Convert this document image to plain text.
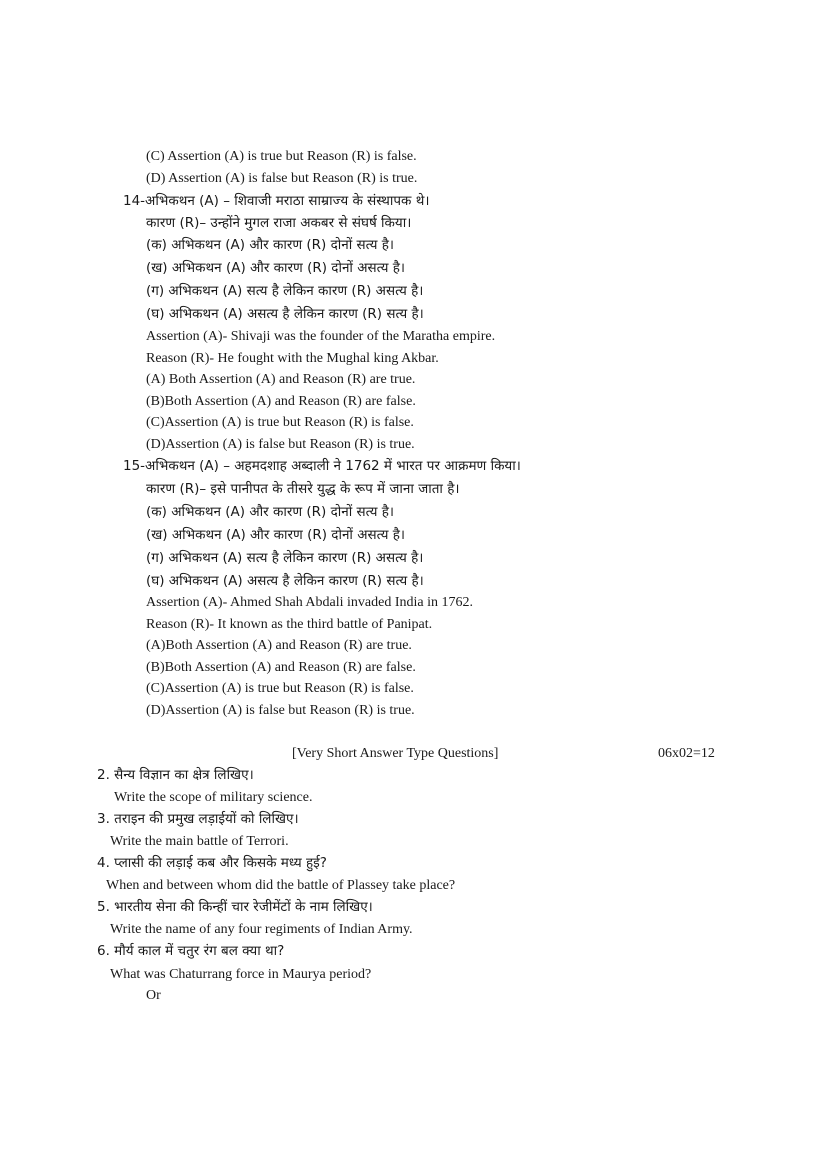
(C) Assertion (A) is true but Reason (R) is false.
(D) Assertion (A) is false but Reason (R) is true.
14-अभिकथन (A) – शिवाजी मराठा साम्राज्य के संस्थापक थे।
कारण (R)– उन्होंने मुगल राजा अकबर से संघर्ष किया।
(क) अभिकथन (A) और कारण (R) दोनों सत्य है।
(ख) अभिकथन (A) और कारण (R) दोनों असत्य है।
(ग) अभिकथन (A) सत्य है लेकिन कारण (R) असत्य है।
(घ) अभिकथन (A) असत्य है लेकिन कारण (R) सत्य है।
Assertion (A)- Shivaji was the founder of the Maratha empire.
Reason (R)- He fought with the Mughal king Akbar.
(A) Both Assertion (A) and Reason (R) are true.
(B)Both Assertion (A) and Reason (R) are false.
(C)Assertion (A) is true but Reason (R) is false.
(D)Assertion (A) is false but Reason (R) is true.
15-अभिकथन (A) – अहमदशाह अब्दाली ने 1762 में भारत पर आक्रमण किया।
कारण (R)– इसे पानीपत के तीसरे युद्ध के रूप में जाना जाता है।
(क) अभिकथन (A) और कारण (R) दोनों सत्य है।
(ख) अभिकथन (A) और कारण (R) दोनों असत्य है।
(ग) अभिकथन (A) सत्य है लेकिन कारण (R) असत्य है।
(घ) अभिकथन (A) असत्य है लेकिन कारण (R) सत्य है।
Assertion (A)- Ahmed Shah Abdali invaded India in 1762.
Reason (R)- It known as the third battle of Panipat.
(A)Both Assertion (A) and Reason (R) are true.
(B)Both Assertion (A) and Reason (R) are false.
(C)Assertion (A) is true but Reason (R) is false.
(D)Assertion (A) is false but Reason (R) is true.
[Very Short Answer Type Questions]	06x02=12
2. सैन्य विज्ञान का क्षेत्र लिखिए।
Write the scope of military science.
3. तराइन की प्रमुख लड़ाईयों को लिखिए।
Write the main battle of Terrori.
4. प्लासी की लड़ाई कब और किसके मध्य हुई?
When and between whom did the battle of Plassey take place?
5. भारतीय सेना की किन्हीं चार रेजीमेंटों के नाम लिखिए।
Write the name of any four regiments of Indian Army.
6. मौर्य काल में चतुर रंग बल क्या था?
What was Chaturrang force in Maurya period?
Or
